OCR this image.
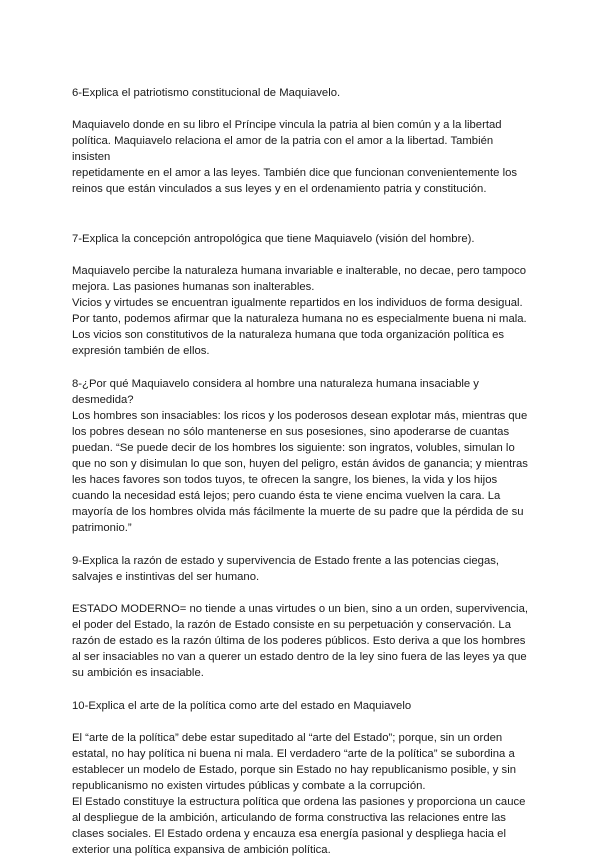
6-Explica el patriotismo constitucional de Maquiavelo.

Maquiavelo donde en su libro el Príncipe vincula la patria al bien común y a la libertad
política. Maquiavelo relaciona el amor de la patria con el amor a la libertad. También insisten
repetidamente en el amor a las leyes. También dice que funcionan convenientemente los
reinos que están vinculados a sus leyes y en el ordenamiento patria y constitución.

7-Explica la concepción antropológica que tiene Maquiavelo (visión del hombre).

Maquiavelo percibe la naturaleza humana invariable e inalterable, no decae, pero tampoco
mejora. Las pasiones humanas son inalterables.
Vicios y virtudes se encuentran igualmente repartidos en los individuos de forma desigual.
Por tanto, podemos afirmar que la naturaleza humana no es especialmente buena ni mala.
Los vicios son constitutivos de la naturaleza humana que toda organización política es
expresión también de ellos.

8-¿Por qué Maquiavelo considera al hombre una naturaleza humana insaciable y
desmedida?

Los hombres son insaciables: los ricos y los poderosos desean explotar más, mientras que
los pobres desean no sólo mantenerse en sus posesiones, sino apoderarse de cuantas
puedan. “Se puede decir de los hombres los siguiente: son ingratos, volubles, simulan lo
que no son y disimulan lo que son, huyen del peligro, están ávidos de ganancia; y mientras
les haces favores son todos tuyos, te ofrecen la sangre, los bienes, la vida y los hijos
cuando la necesidad está lejos; pero cuando ésta te viene encima vuelven la cara. La
mayoría de los hombres olvida más fácilmente la muerte de su padre que la pérdida de su
patrimonio.”

9-Explica la razón de estado y supervivencia de Estado frente a las potencias ciegas,
salvajes e instintivas del ser humano.

ESTADO MODERNO= no tiende a unas virtudes o un bien, sino a un orden, supervivencia,
el poder del Estado, la razón de Estado consiste en su perpetuación y conservación. La
razón de estado es la razón última de los poderes públicos. Esto deriva a que los hombres
al ser insaciables no van a querer un estado dentro de la ley sino fuera de las leyes ya que
su ambición es insaciable.

10-Explica el arte de la política como arte del estado en Maquiavelo

El “arte de la política” debe estar supeditado al “arte del Estado”; porque, sin un orden
estatal, no hay política ni buena ni mala. El verdadero “arte de la política” se subordina a
establecer un modelo de Estado, porque sin Estado no hay republicanismo posible, y sin
republicanismo no existen virtudes públicas y combate a la corrupción.
El Estado constituye la estructura política que ordena las pasiones y proporciona un cauce
al despliegue de la ambición, articulando de forma constructiva las relaciones entre las
clases sociales. El Estado ordena y encauza esa energía pasional y despliega hacia el
exterior una política expansiva de ambición política.
